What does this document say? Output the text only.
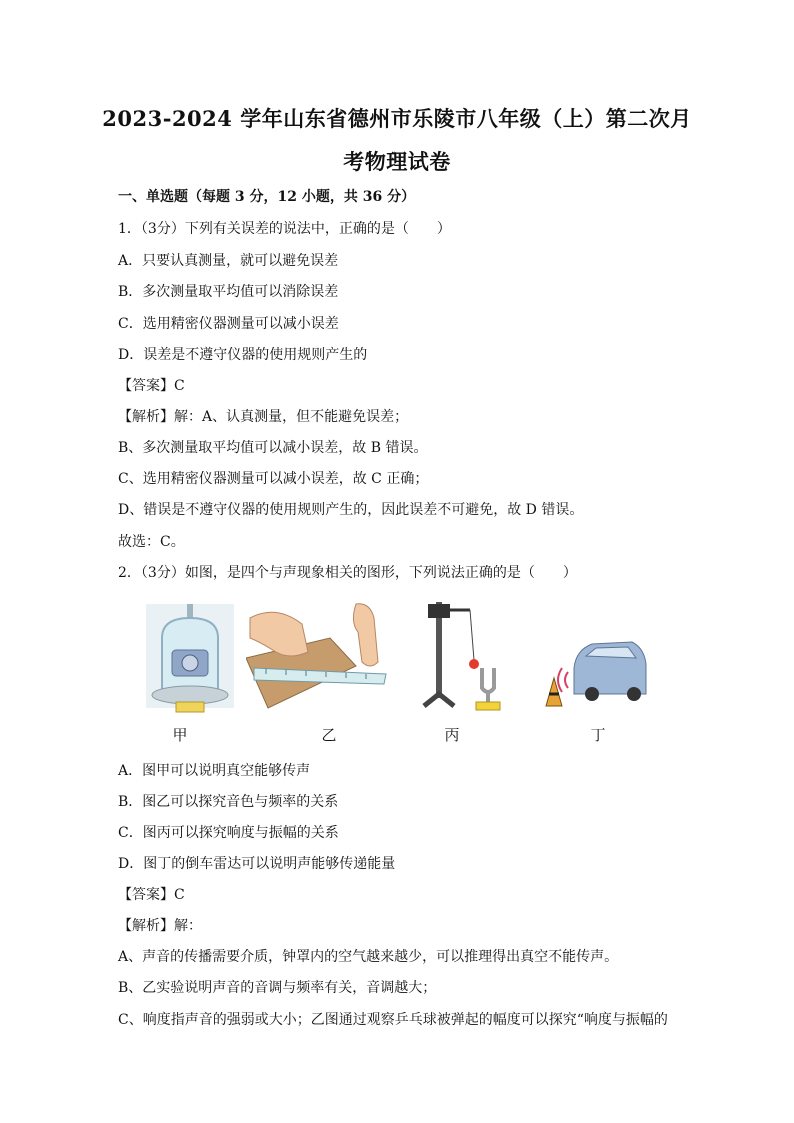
2023-2024 学年山东省德州市乐陵市八年级（上）第二次月
考物理试卷
一、单选题（每题 3 分，12 小题，共 36 分）
1．（3分）下列有关误差的说法中，正确的是（　　）
A．只要认真测量，就可以避免误差
B．多次测量取平均值可以消除误差
C．选用精密仪器测量可以减小误差
D．误差是不遵守仪器的使用规则产生的
【答案】C
【解析】解：A、认真测量，但不能避免误差；
B、多次测量取平均值可以减小误差，故 B 错误。
C、选用精密仪器测量可以减小误差，故 C 正确；
D、错误是不遵守仪器的使用规则产生的，因此误差不可避免，故 D 错误。
故选：C。
2．（3分）如图，是四个与声现象相关的图形，下列说法正确的是（　　）
甲	乙	丙	丁
A．图甲可以说明真空能够传声
B．图乙可以探究音色与频率的关系
C．图丙可以探究响度与振幅的关系
D．图丁的倒车雷达可以说明声能够传递能量
【答案】C
【解析】解：
A、声音的传播需要介质，钟罩内的空气越来越少，可以推理得出真空不能传声。
B、乙实验说明声音的音调与频率有关，音调越大；
C、响度指声音的强弱或大小；乙图通过观察乒乓球被弹起的幅度可以探究“响度与振幅的
